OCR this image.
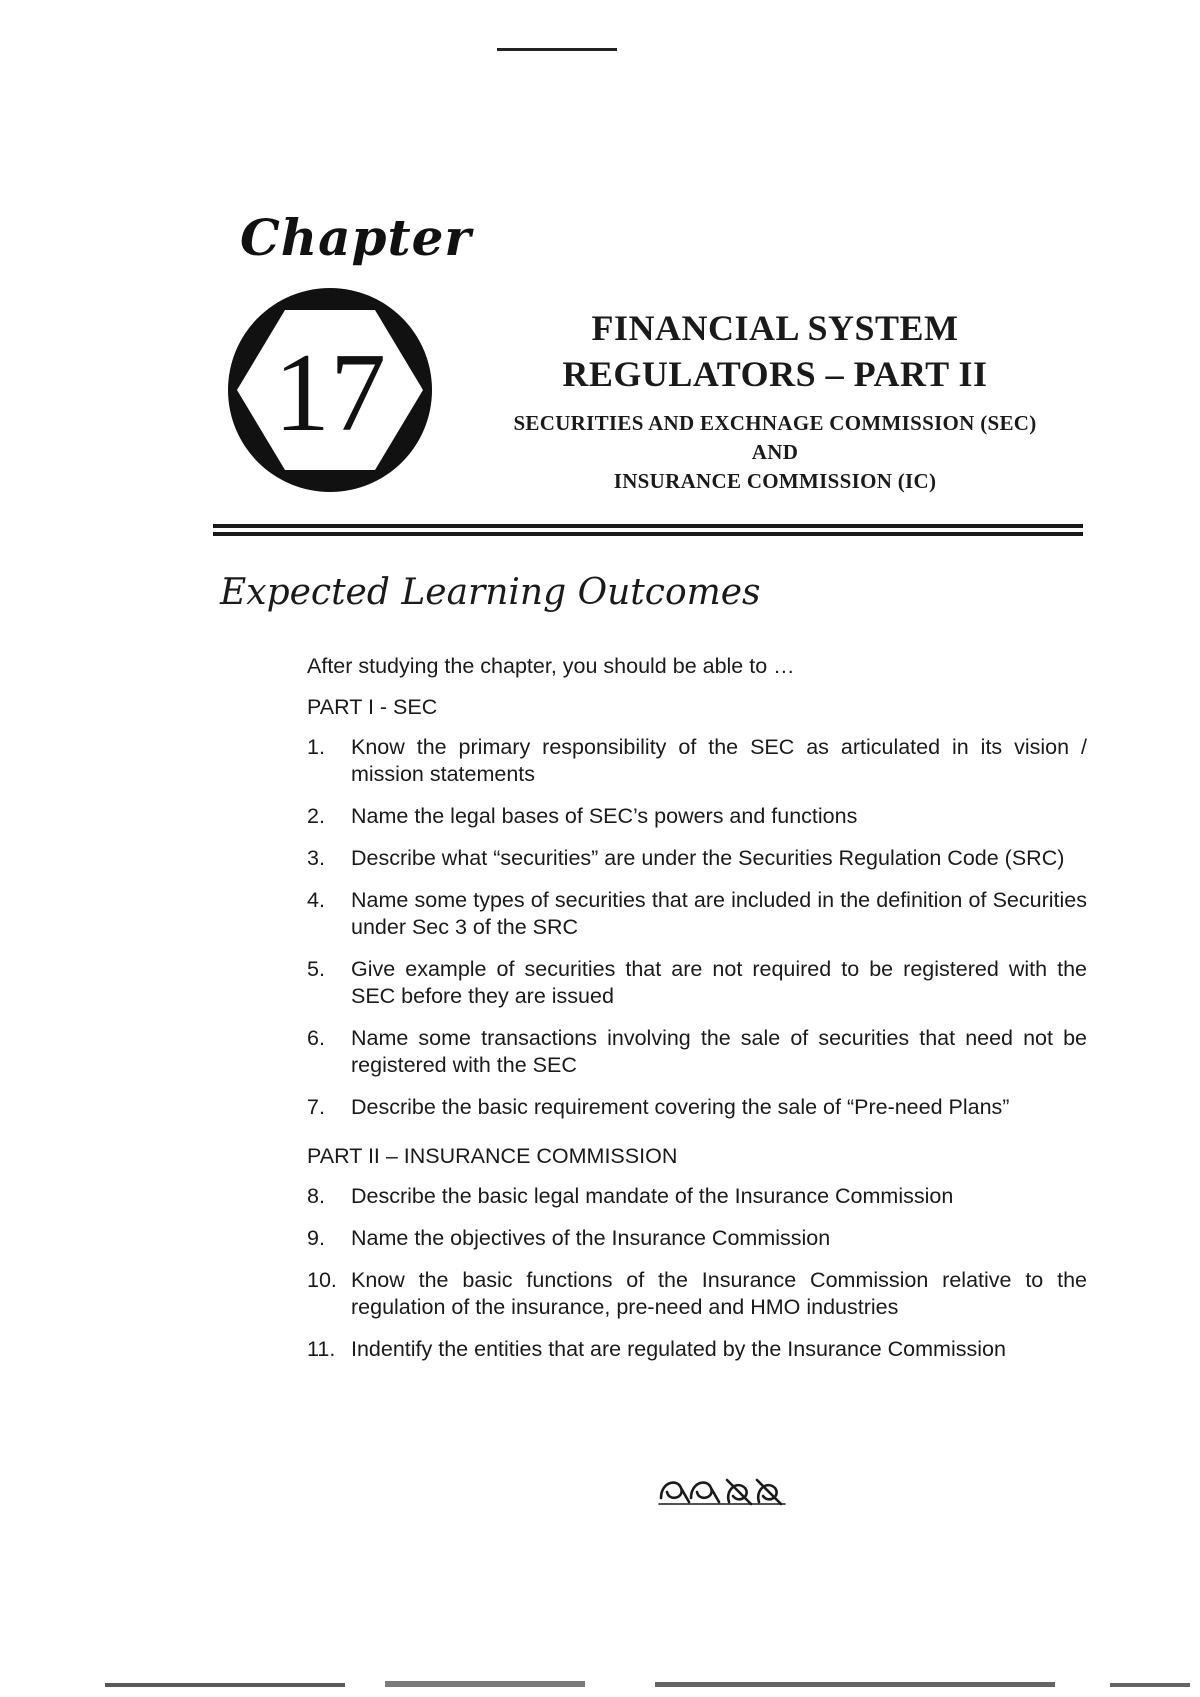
Chapter
17
FINANCIAL SYSTEM
REGULATORS – PART II
SECURITIES AND EXCHNAGE COMMISSION (SEC)
AND
INSURANCE COMMISSION (IC)
Expected Learning Outcomes

After studying the chapter, you should be able to …

PART I - SEC

1.	Know the primary responsibility of the SEC as articulated in its vision / mission statements
2.	Name the legal bases of SEC’s powers and functions
3.	Describe what “securities” are under the Securities Regulation Code (SRC)
4.	Name some types of securities that are included in the definition of Securities under Sec 3 of the SRC
5.	Give example of securities that are not required to be registered with the SEC before they are issued
6.	Name some transactions involving the sale of securities that need not be registered with the SEC
7.	Describe the basic requirement covering the sale of “Pre-need Plans”

PART II – INSURANCE COMMISSION

8.	Describe the basic legal mandate of the Insurance Commission
9.	Name the objectives of the Insurance Commission
10. Know the basic functions of the Insurance Commission relative to the regulation of the insurance, pre-need and HMO industries
11. Indentify the entities that are regulated by the Insurance Commission
